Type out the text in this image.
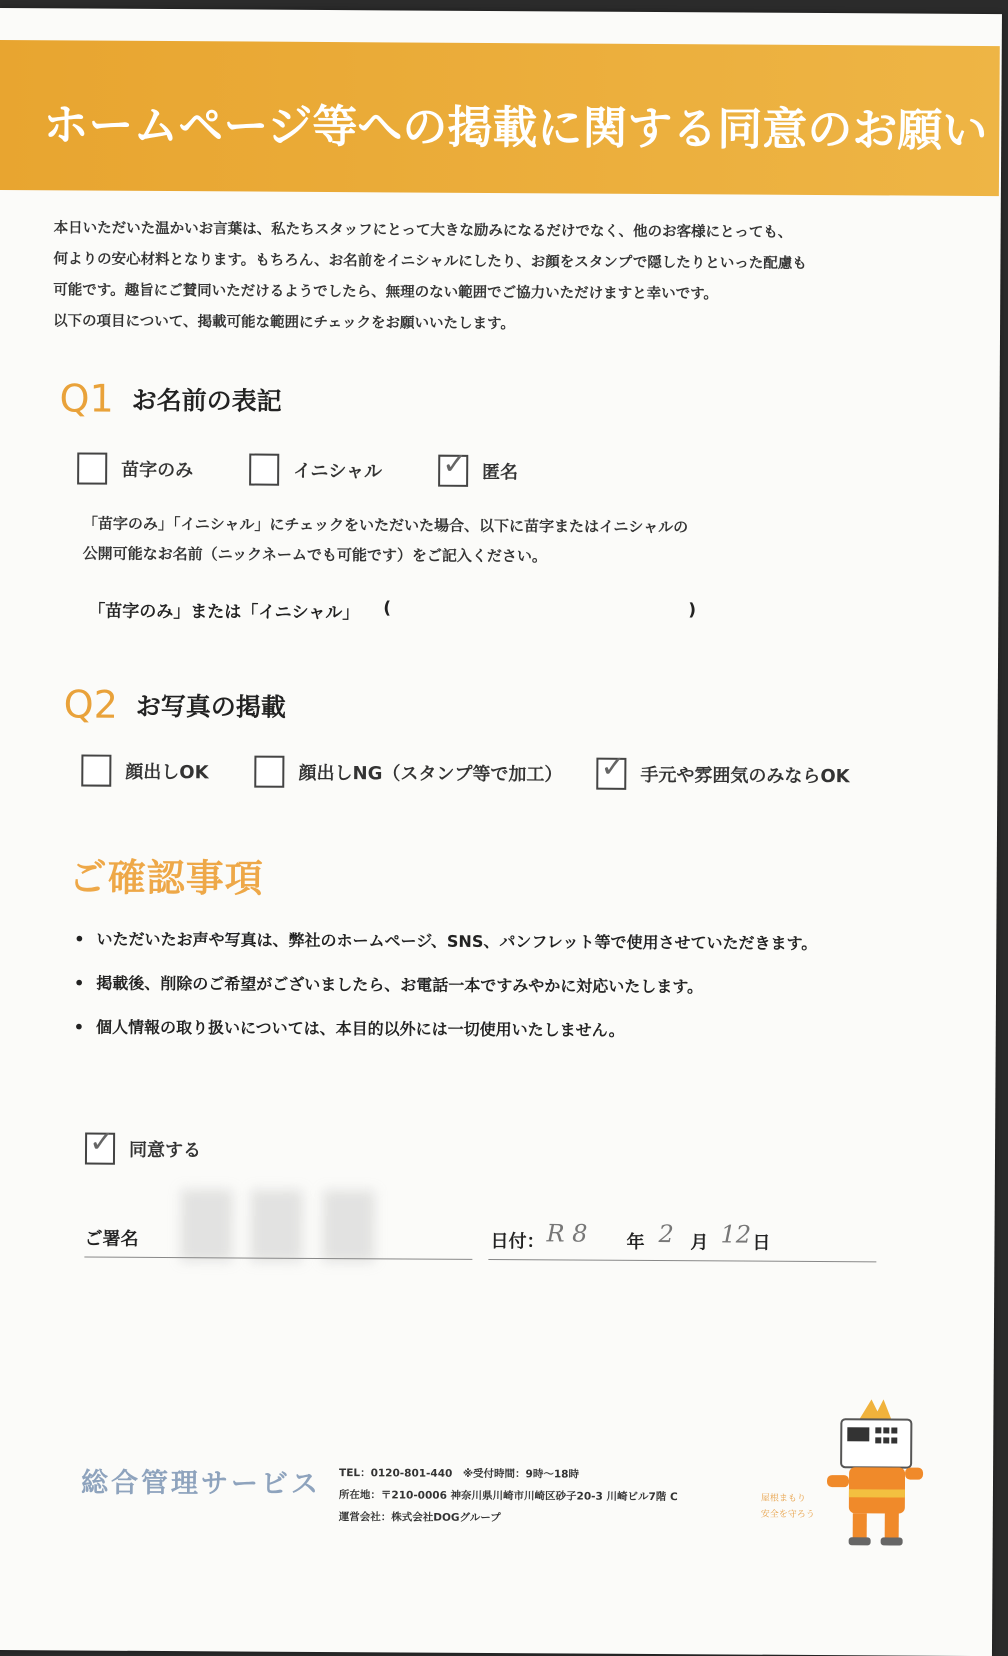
ホームページ等への掲載に関する同意のお願い

本日いただいた温かいお言葉は、私たちスタッフにとって大きな励みになるだけでなく、他のお客様にとっても、

何よりの安心材料となります。もちろん、お名前をイニシャルにしたり、お顔をスタンプで隠したりといった配慮も

可能です。趣旨にご賛同いただけるようでしたら、無理のない範囲でご協力いただけますと幸いです。

以下の項目について、掲載可能な範囲にチェックをお願いいたします。

Q1 お名前の表記
苗字のみ	イニシャル ✓ 匿名

「苗字のみ」「イニシャル」にチェックをいただいた場合、以下に苗字またはイニシャルの

公開可能なお名前（ニックネームでも可能です）をご記入ください。

「苗字のみ」または「イニシャル」 (	)
Q2 お写真の掲載
顔出しOK	顔出しNG（スタンプ等で加工） ✓ 手元や雰囲気のみならOK
ご確認事項
• いただいたお声や写真は、弊社のホームページ、SNS、パンフレット等で使用させていただきます。
• 掲載後、削除のご希望がございましたら、お電話一本ですみやかに対応いたします。
• 個人情報の取り扱いについては、本目的以外には一切使用いたしません。
✓ 同意する
ご署名	日付： R 8 年 2 月 12 日
総合管理サービス TEL：0120-801-440　※受付時間：9時～18時

所在地：〒210-0006 神奈川県川崎市川崎区砂子20-3 川崎ビル7階 C

運営会社：株式会社DOGグループ

屋根まもり
安全を守ろう
